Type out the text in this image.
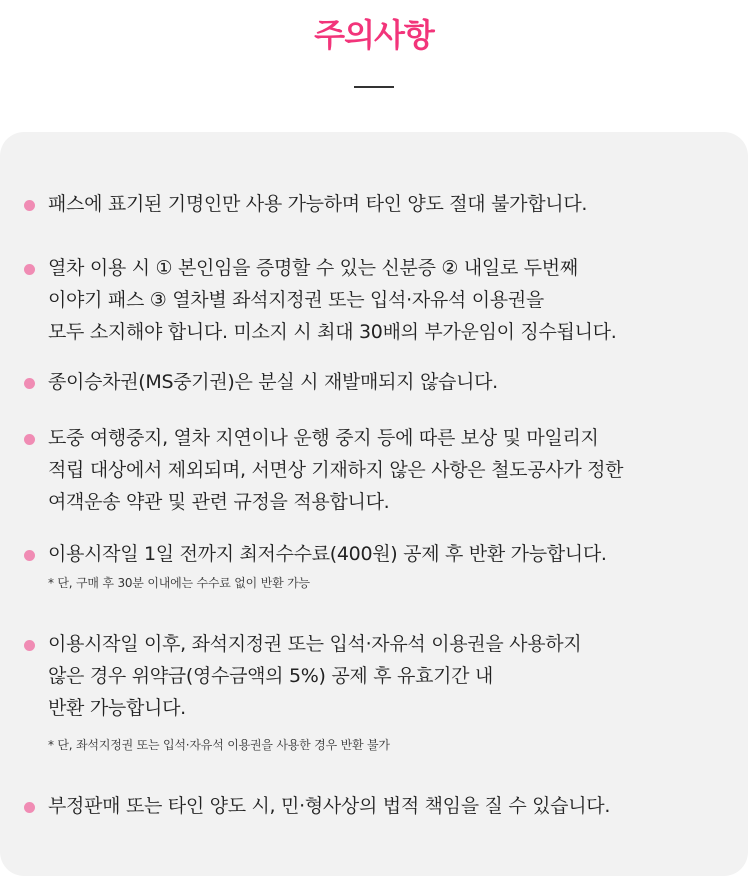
주의사항
패스에 표기된 기명인만 사용 가능하며 타인 양도 절대 불가합니다.
열차 이용 시 ① 본인임을 증명할 수 있는 신분증 ② 내일로 두번째
이야기 패스 ③ 열차별 좌석지정권 또는 입석·자유석 이용권을
모두 소지해야 합니다. 미소지 시 최대 30배의 부가운임이 징수됩니다.
종이승차권(MS중기권)은 분실 시 재발매되지 않습니다.
도중 여행중지, 열차 지연이나 운행 중지 등에 따른 보상 및 마일리지
적립 대상에서 제외되며, 서면상 기재하지 않은 사항은 철도공사가 정한
여객운송 약관 및 관련 규정을 적용합니다.
이용시작일 1일 전까지 최저수수료(400원) 공제 후 반환 가능합니다.
* 단, 구매 후 30분 이내에는 수수료 없이 반환 가능
이용시작일 이후, 좌석지정권 또는 입석·자유석 이용권을 사용하지
않은 경우 위약금(영수금액의 5%) 공제 후 유효기간 내
반환 가능합니다.
* 단, 좌석지정권 또는 입석·자유석 이용권을 사용한 경우 반환 불가
부정판매 또는 타인 양도 시, 민·형사상의 법적 책임을 질 수 있습니다.
